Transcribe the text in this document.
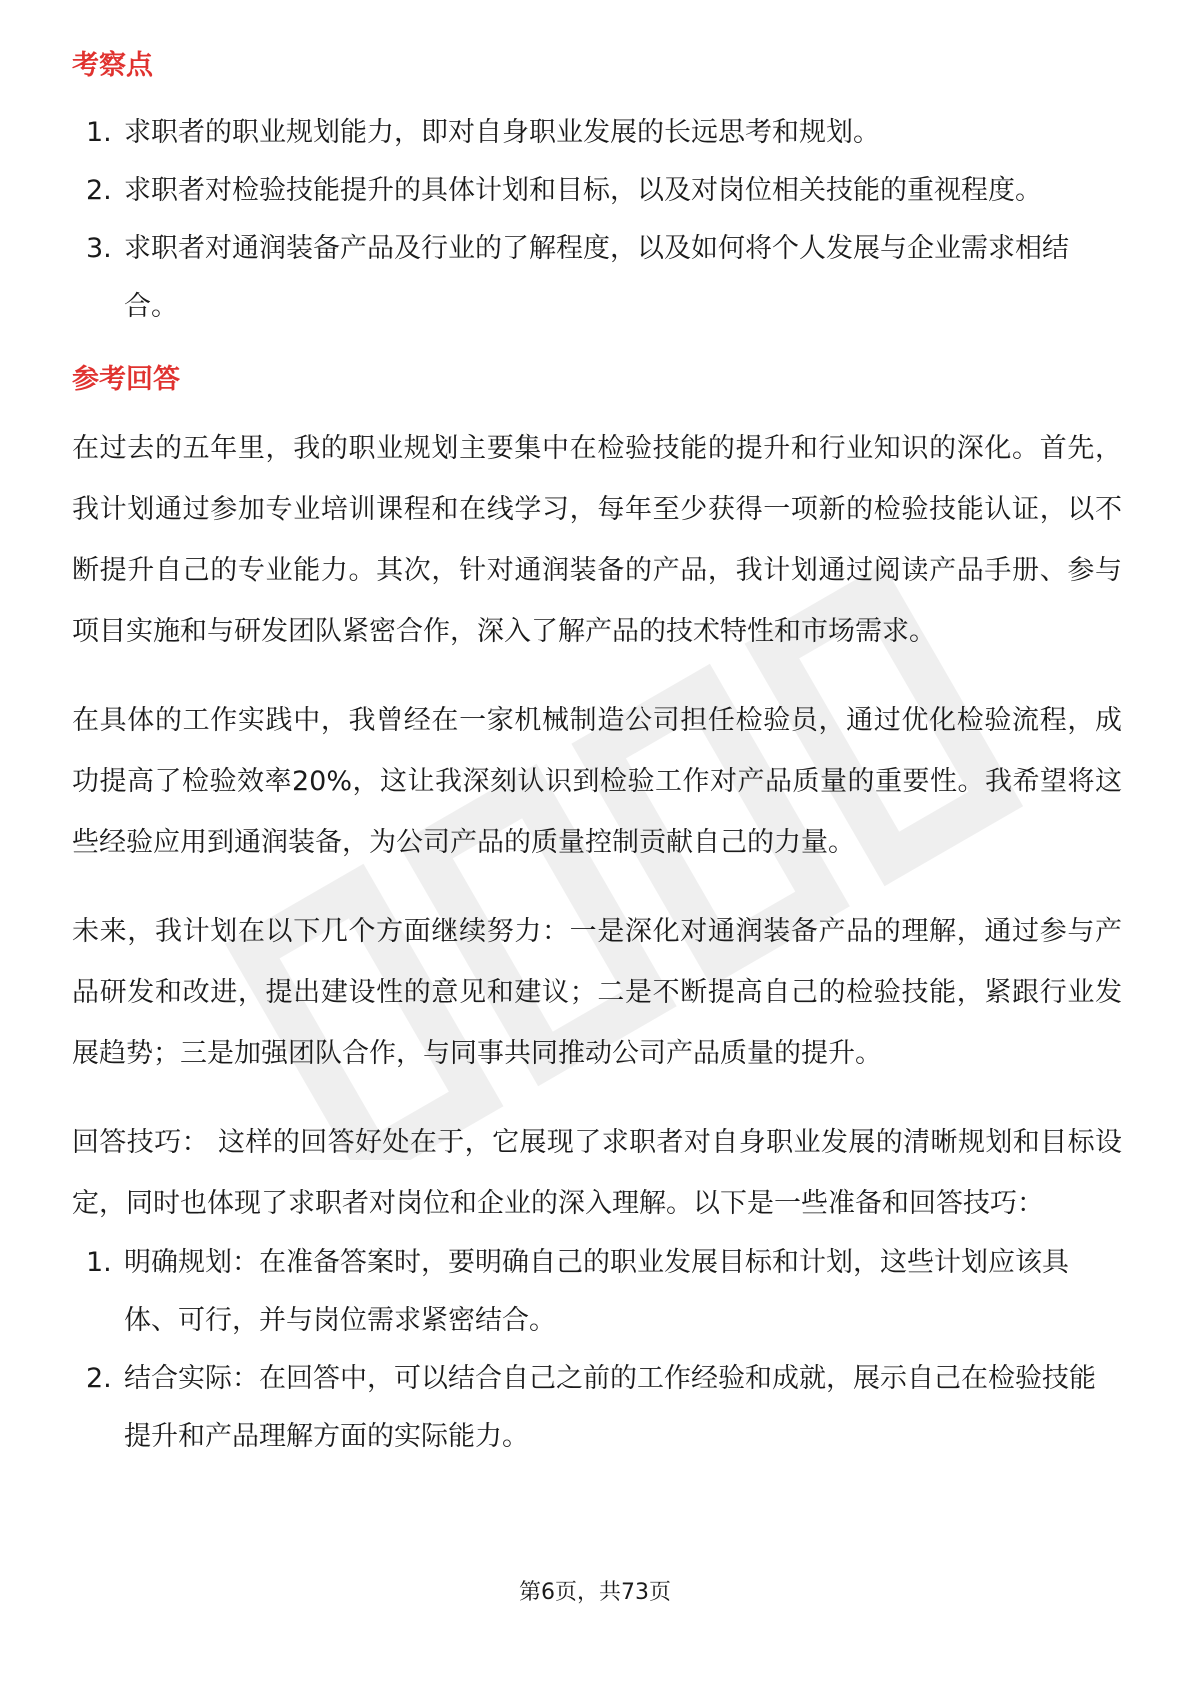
考察点
1. 求职者的职业规划能力，即对自身职业发展的长远思考和规划。
2. 求职者对检验技能提升的具体计划和目标，以及对岗位相关技能的重视程度。
3. 求职者对通润装备产品及行业的了解程度，以及如何将个人发展与企业需求相结合。
参考回答

在过去的五年里，我的职业规划主要集中在检验技能的提升和行业知识的深化。首先，我计划通过参加专业培训课程和在线学习，每年至少获得一项新的检验技能认证，以不断提升自己的专业能力。其次，针对通润装备的产品，我计划通过阅读产品手册、参与项目实施和与研发团队紧密合作，深入了解产品的技术特性和市场需求。

在具体的工作实践中，我曾经在一家机械制造公司担任检验员，通过优化检验流程，成功提高了检验效率20%，这让我深刻认识到检验工作对产品质量的重要性。我希望将这些经验应用到通润装备，为公司产品的质量控制贡献自己的力量。

未来，我计划在以下几个方面继续努力：一是深化对通润装备产品的理解，通过参与产品研发和改进，提出建设性的意见和建议；二是不断提高自己的检验技能，紧跟行业发展趋势；三是加强团队合作，与同事共同推动公司产品质量的提升。

回答技巧： 这样的回答好处在于，它展现了求职者对自身职业发展的清晰规划和目标设定，同时也体现了求职者对岗位和企业的深入理解。以下是一些准备和回答技巧：

1. 明确规划：在准备答案时，要明确自己的职业发展目标和计划，这些计划应该具体、可行，并与岗位需求紧密结合。
2. 结合实际：在回答中，可以结合自己之前的工作经验和成就，展示自己在检验技能提升和产品理解方面的实际能力。
第6页，共73页
